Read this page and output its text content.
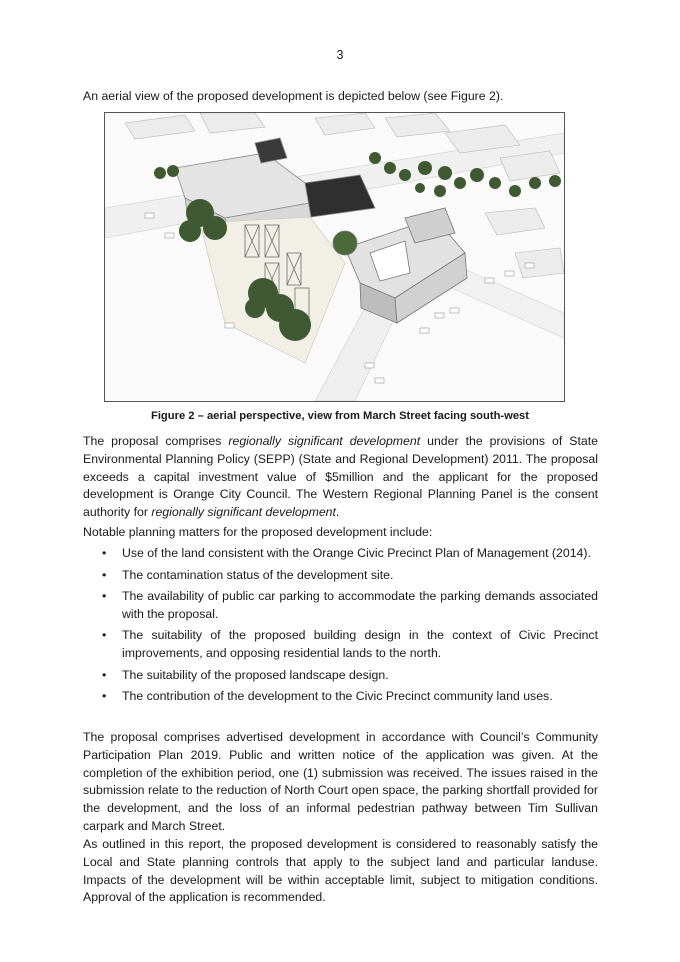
3
An aerial view of the proposed development is depicted below (see Figure 2).
Figure 2 – aerial perspective, view from March Street facing south-west

The proposal comprises regionally significant development under the provisions of State Environmental Planning Policy (SEPP) (State and Regional Development) 2011. The proposal exceeds a capital investment value of $5million and the applicant for the proposed development is Orange City Council. The Western Regional Planning Panel is the consent authority for regionally significant development.

Notable planning matters for the proposed development include:
• Use of the land consistent with the Orange Civic Precinct Plan of Management (2014).
• The contamination status of the development site.
• The availability of public car parking to accommodate the parking demands associated with the proposal.
• The suitability of the proposed building design in the context of Civic Precinct improvements, and opposing residential lands to the north.
• The suitability of the proposed landscape design.
• The contribution of the development to the Civic Precinct community land uses.
The proposal comprises advertised development in accordance with Council’s Community Participation Plan 2019. Public and written notice of the application was given. At the completion of the exhibition period, one (1) submission was received. The issues raised in the submission relate to the reduction of North Court open space, the parking shortfall provided for the development, and the loss of an informal pedestrian pathway between Tim Sullivan carpark and March Street.
As outlined in this report, the proposed development is considered to reasonably satisfy the Local and State planning controls that apply to the subject land and particular landuse. Impacts of the development will be within acceptable limit, subject to mitigation conditions. Approval of the application is recommended.
